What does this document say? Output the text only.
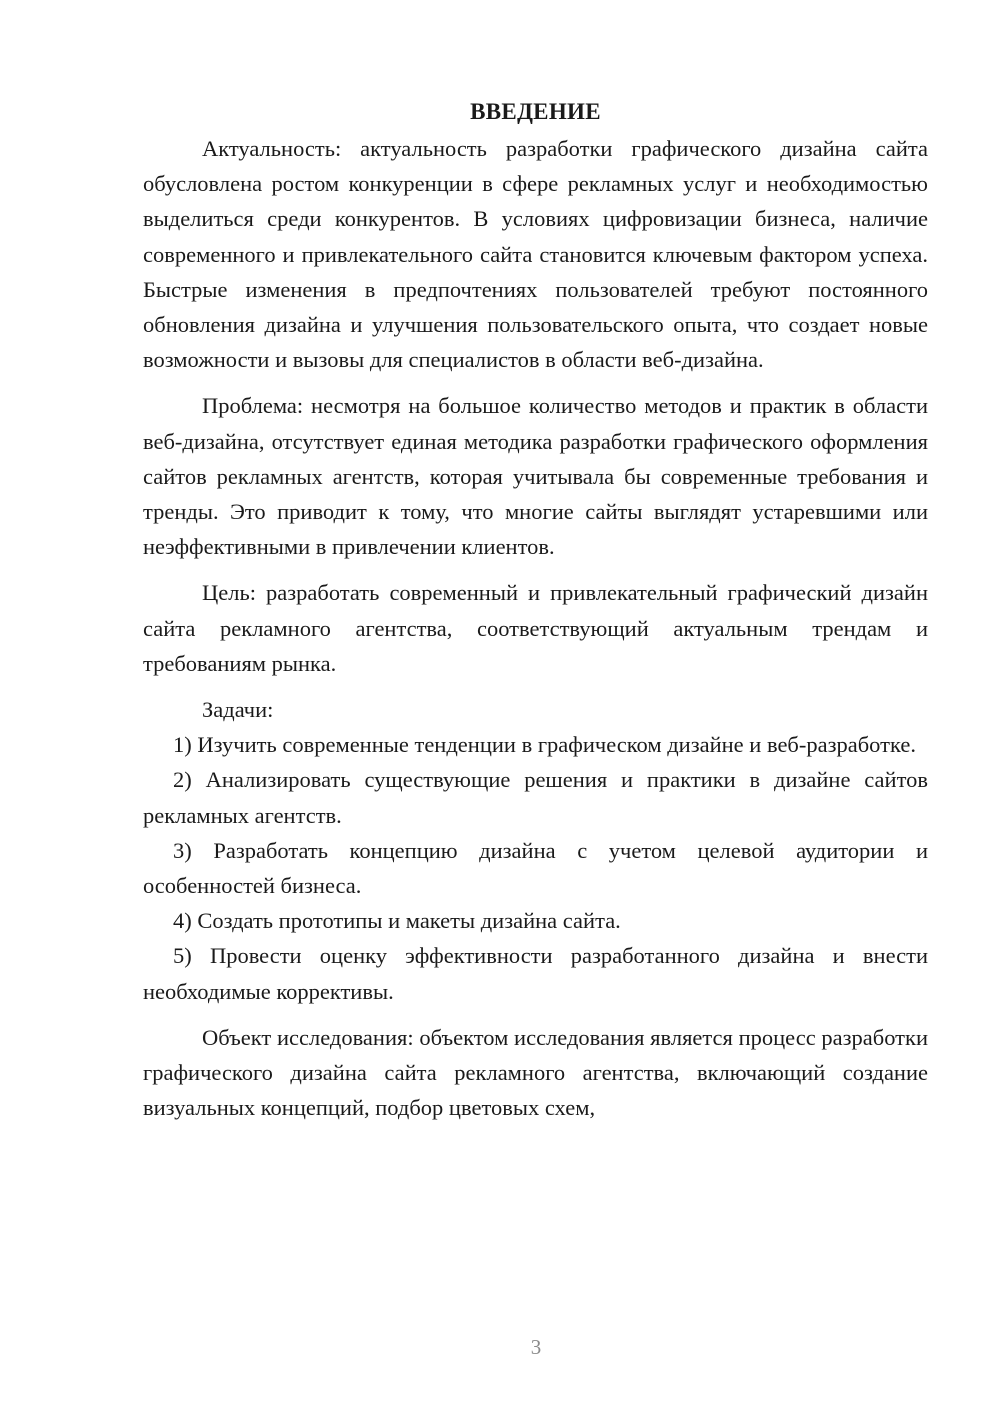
ВВЕДЕНИЕ

Актуальность: актуальность разработки графического дизайна сайта обусловлена ростом конкуренции в сфере рекламных услуг и необходимостью выделиться среди конкурентов. В условиях цифровизации бизнеса, наличие современного и привлекательного сайта становится ключевым фактором успеха. Быстрые изменения в предпочтениях пользователей требуют постоянного обновления дизайна и улучшения пользовательского опыта, что создает новые возможности и вызовы для специалистов в области веб-дизайна.

Проблема: несмотря на большое количество методов и практик в области веб-дизайна, отсутствует единая методика разработки графического оформления сайтов рекламных агентств, которая учитывала бы современные требования и тренды. Это приводит к тому, что многие сайты выглядят устаревшими или неэффективными в привлечении клиентов.

Цель: разработать современный и привлекательный графический дизайн сайта рекламного агентства, соответствующий актуальным трендам и требованиям рынка.

Задачи:

1) Изучить современные тенденции в графическом дизайне и веб-разработке.

2) Анализировать существующие решения и практики в дизайне сайтов рекламных агентств.

3) Разработать концепцию дизайна с учетом целевой аудитории и особенностей бизнеса.

4) Создать прототипы и макеты дизайна сайта.

5) Провести оценку эффективности разработанного дизайна и внести необходимые коррективы.

Объект исследования: объектом исследования является процесс разработки графического дизайна сайта рекламного агентства, включающий создание визуальных концепций, подбор цветовых схем,

3
